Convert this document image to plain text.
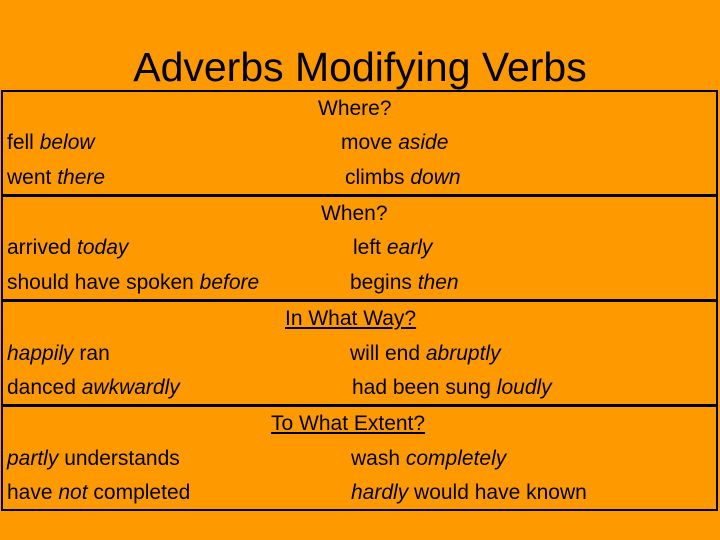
Adverbs Modifying Verbs
Where?
fell below
went there
move aside
climbs down
When?
arrived today
should have spoken before
left early
begins then
In What Way?
happily ran
danced awkwardly
will end abruptly
had been sung loudly
To What Extent?
partly understands
have not completed
wash completely
hardly would have known
